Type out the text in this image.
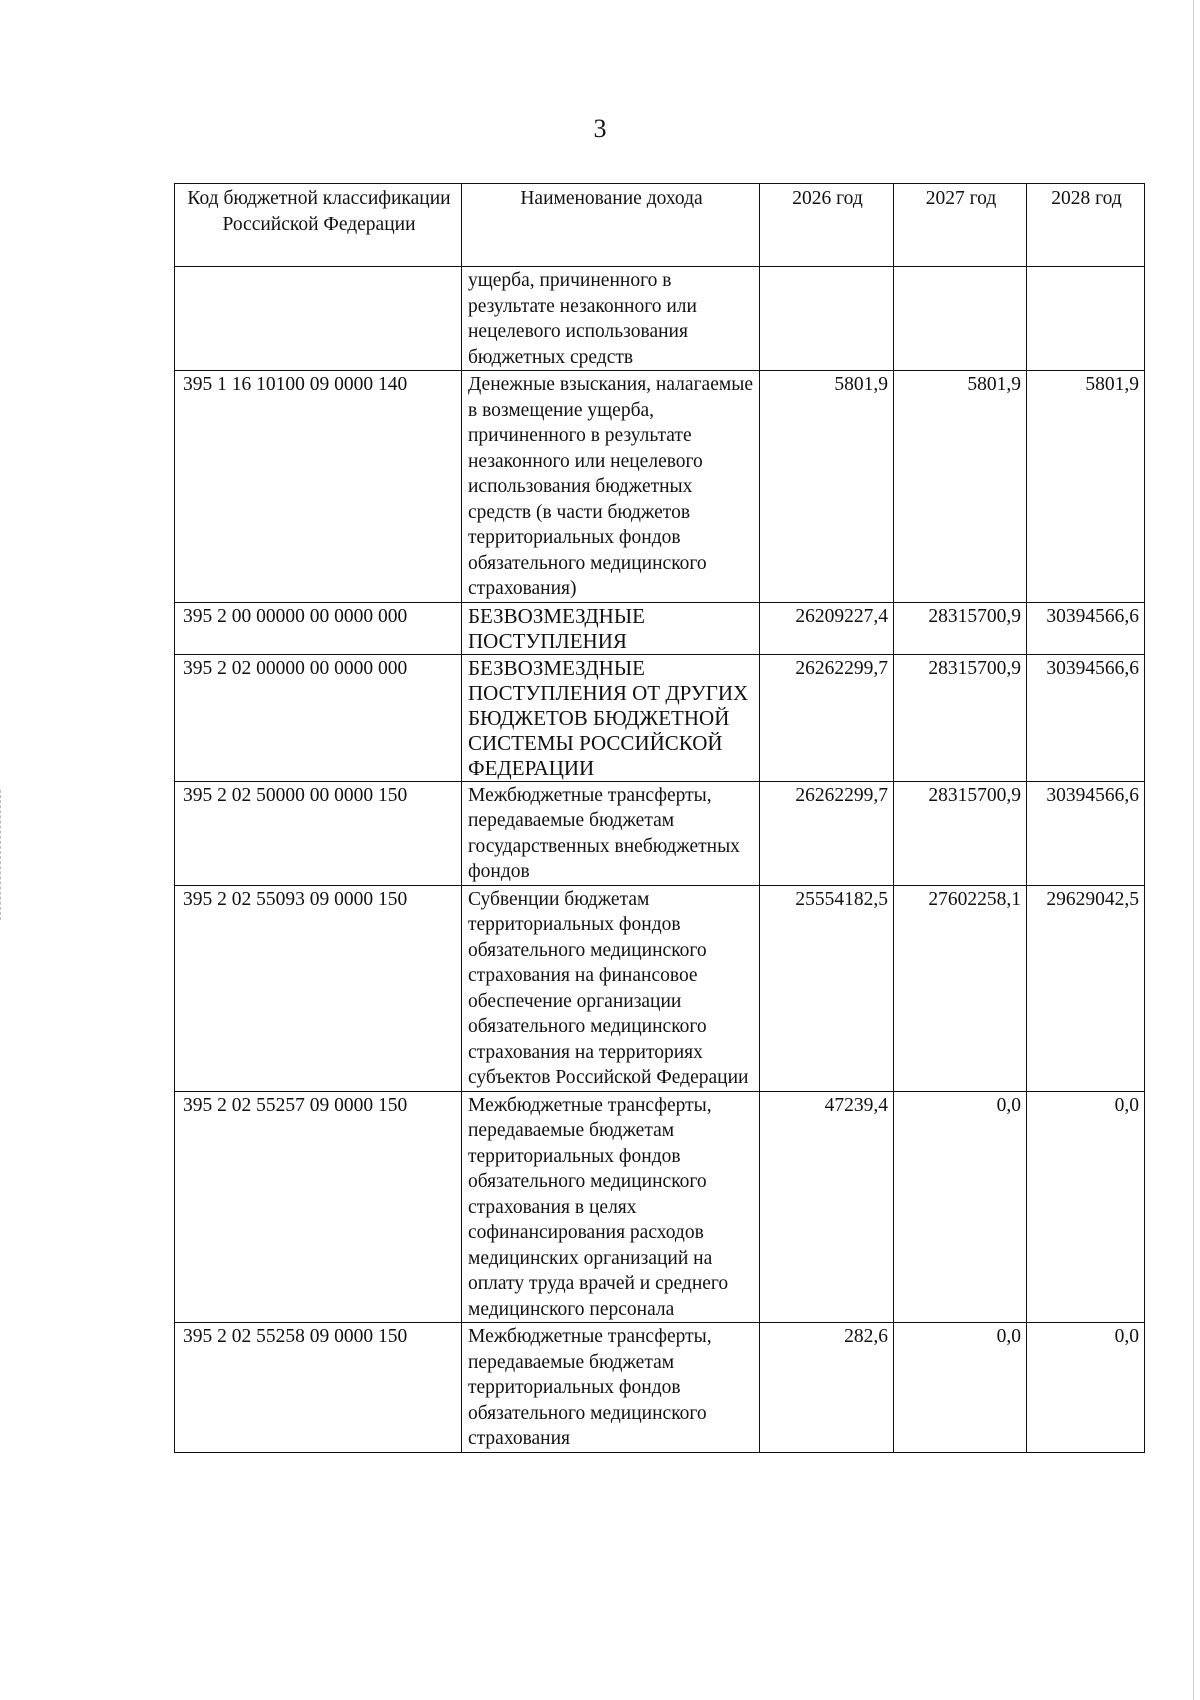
3
Код бюджетной классификации Российской Федерации	Наименование дохода	2026 год	2027 год	2028 год
	ущерба, причиненного в результате незаконного или нецелевого использования бюджетных средств			
395 1 16 10100 09 0000 140	Денежные взыскания, налагаемые в возмещение ущерба, причиненного в результате незаконного или нецелевого использования бюджетных средств (в части бюджетов территориальных фондов обязательного медицинского страхования)	5801,9	5801,9	5801,9
395 2 00 00000 00 0000 000	БЕЗВОЗМЕЗДНЫЕ ПОСТУПЛЕНИЯ	26209227,4	28315700,9	30394566,6
395 2 02 00000 00 0000 000	БЕЗВОЗМЕЗДНЫЕ ПОСТУПЛЕНИЯ ОТ ДРУГИХ БЮДЖЕТОВ БЮДЖЕТНОЙ СИСТЕМЫ РОССИЙСКОЙ ФЕДЕРАЦИИ	26262299,7	28315700,9	30394566,6
395 2 02 50000 00 0000 150	Межбюджетные трансферты, передаваемые бюджетам государственных внебюджетных фондов	26262299,7	28315700,9	30394566,6
395 2 02 55093 09 0000 150	Субвенции бюджетам территориальных фондов обязательного медицинского страхования на финансовое обеспечение организации обязательного медицинского страхования на территориях субъектов Российской Федерации	25554182,5	27602258,1	29629042,5
395 2 02 55257 09 0000 150	Межбюджетные трансферты, передаваемые бюджетам территориальных фондов обязательного медицинского страхования в целях софинансирования расходов медицинских организаций на оплату труда врачей и среднего медицинского персонала	47239,4	0,0	0,0
395 2 02 55258 09 0000 150	Межбюджетные трансферты, передаваемые бюджетам территориальных фондов обязательного медицинского страхования	282,6	0,0	0,0
